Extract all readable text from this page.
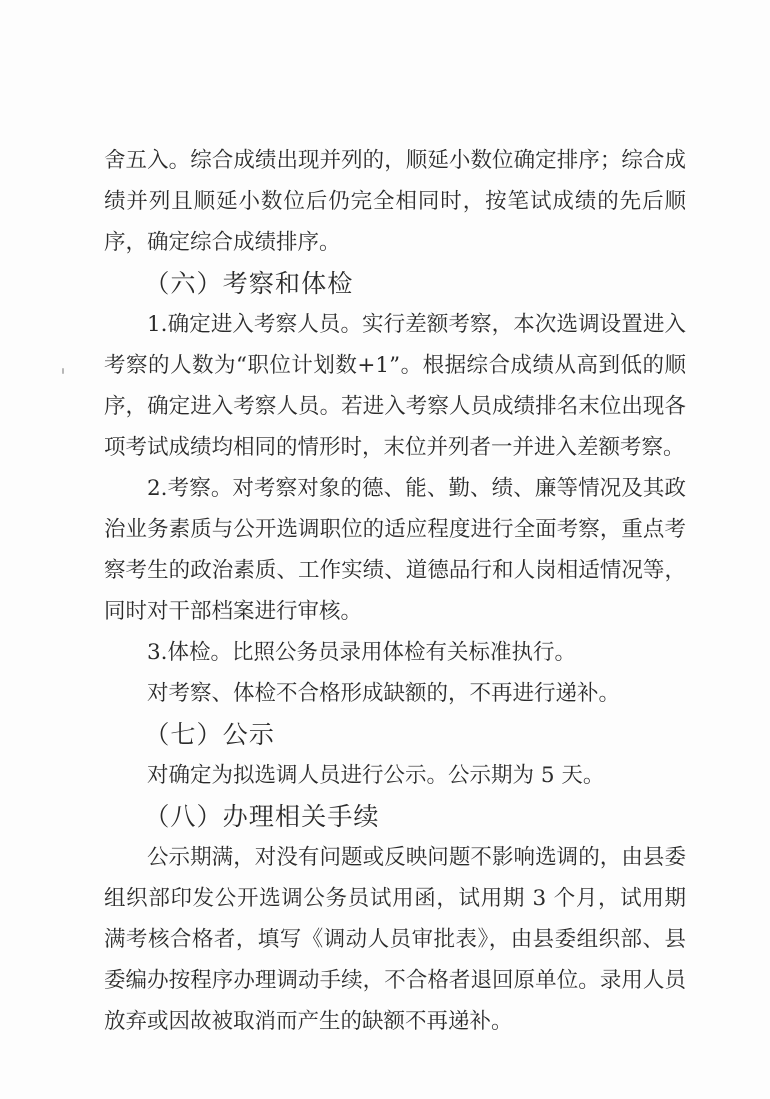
舍五入。综合成绩出现并列的，顺延小数位确定排序；综合成绩并列且顺延小数位后仍完全相同时，按笔试成绩的先后顺序，确定综合成绩排序。

（六）考察和体检

1.确定进入考察人员。实行差额考察，本次选调设置进入考察的人数为“职位计划数+1”。根据综合成绩从高到低的顺序，确定进入考察人员。若进入考察人员成绩排名末位出现各项考试成绩均相同的情形时，末位并列者一并进入差额考察。

2.考察。对考察对象的德、能、勤、绩、廉等情况及其政治业务素质与公开选调职位的适应程度进行全面考察，重点考察考生的政治素质、工作实绩、道德品行和人岗相适情况等，同时对干部档案进行审核。

3.体检。比照公务员录用体检有关标准执行。

对考察、体检不合格形成缺额的，不再进行递补。

（七）公示

对确定为拟选调人员进行公示。公示期为 5 天。

（八）办理相关手续

公示期满，对没有问题或反映问题不影响选调的，由县委组织部印发公开选调公务员试用函，试用期 3 个月，试用期满考核合格者，填写《调动人员审批表》，由县委组织部、县委编办按程序办理调动手续，不合格者退回原单位。录用人员放弃或因故被取消而产生的缺额不再递补。
